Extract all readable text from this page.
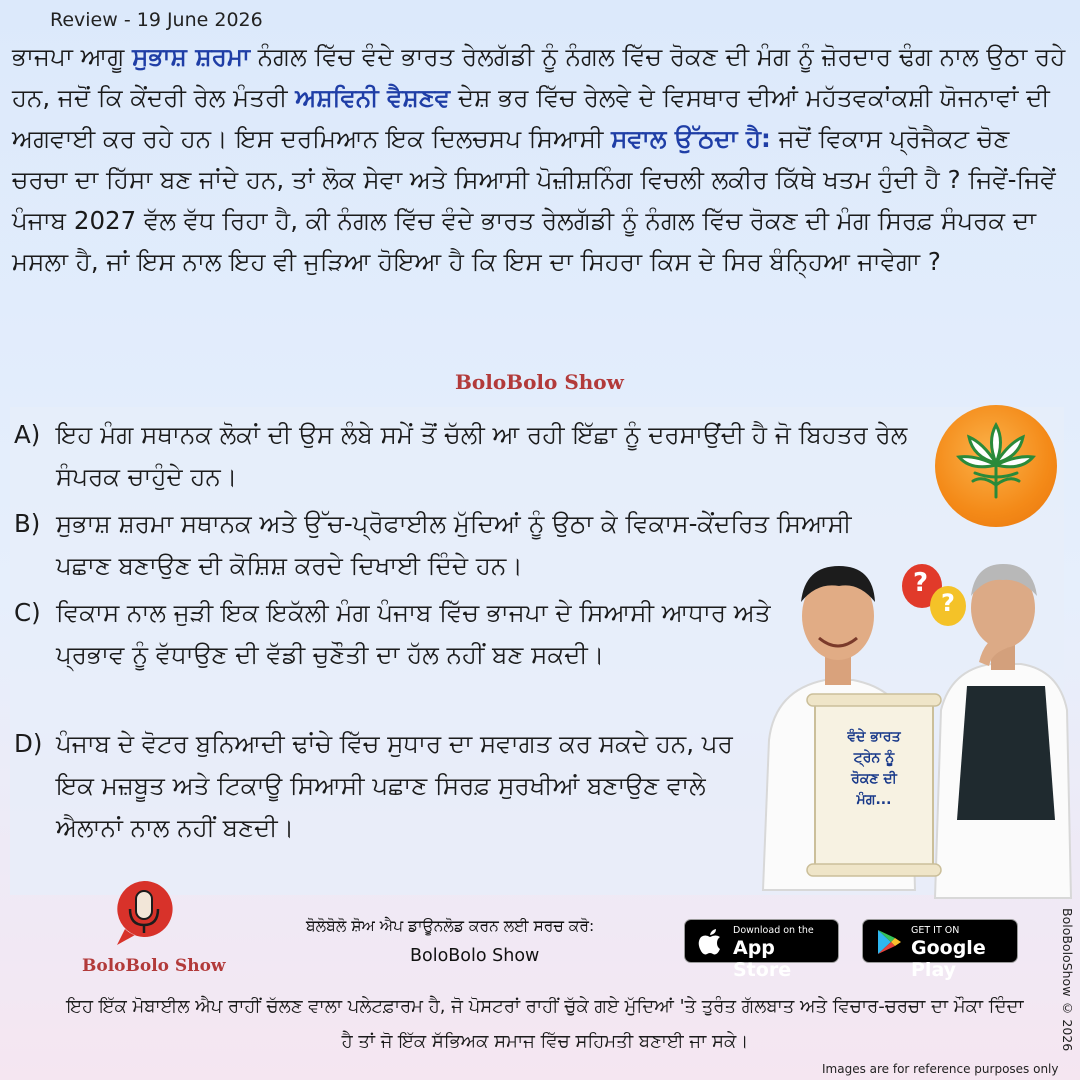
Review - 19 June 2026

ਭਾਜਪਾ ਆਗੂ ਸੁਭਾਸ਼ ਸ਼ਰਮਾ ਨੰਗਲ ਵਿੱਚ ਵੰਦੇ ਭਾਰਤ ਰੇਲਗੱਡੀ ਨੂੰ ਨੰਗਲ ਵਿੱਚ ਰੋਕਣ ਦੀ ਮੰਗ ਨੂੰ ਜ਼ੋਰਦਾਰ ਢੰਗ ਨਾਲ ਉਠਾ ਰਹੇ ਹਨ, ਜਦੋਂ ਕਿ ਕੇਂਦਰੀ ਰੇਲ ਮੰਤਰੀ ਅਸ਼ਵਿਨੀ ਵੈਸ਼ਣਵ ਦੇਸ਼ ਭਰ ਵਿੱਚ ਰੇਲਵੇ ਦੇ ਵਿਸਥਾਰ ਦੀਆਂ ਮਹੱਤਵਕਾਂਕਸ਼ੀ ਯੋਜਨਾਵਾਂ ਦੀ ਅਗਵਾਈ ਕਰ ਰਹੇ ਹਨ। ਇਸ ਦਰਮਿਆਨ ਇਕ ਦਿਲਚਸਪ ਸਿਆਸੀ ਸਵਾਲ ਉੱਠਦਾ ਹੈ: ਜਦੋਂ ਵਿਕਾਸ ਪ੍ਰੋਜੈਕਟ ਚੋਣ ਚਰਚਾ ਦਾ ਹਿੱਸਾ ਬਣ ਜਾਂਦੇ ਹਨ, ਤਾਂ ਲੋਕ ਸੇਵਾ ਅਤੇ ਸਿਆਸੀ ਪੋਜ਼ੀਸ਼ਨਿੰਗ ਵਿਚਲੀ ਲਕੀਰ ਕਿੱਥੇ ਖਤਮ ਹੁੰਦੀ ਹੈ ? ਜਿਵੇਂ-ਜਿਵੇਂ ਪੰਜਾਬ 2027 ਵੱਲ ਵੱਧ ਰਿਹਾ ਹੈ, ਕੀ ਨੰਗਲ ਵਿੱਚ ਵੰਦੇ ਭਾਰਤ ਰੇਲਗੱਡੀ ਨੂੰ ਨੰਗਲ ਵਿੱਚ ਰੋਕਣ ਦੀ ਮੰਗ ਸਿਰਫ਼ ਸੰਪਰਕ ਦਾ ਮਸਲਾ ਹੈ, ਜਾਂ ਇਸ ਨਾਲ ਇਹ ਵੀ ਜੁੜਿਆ ਹੋਇਆ ਹੈ ਕਿ ਇਸ ਦਾ ਸਿਹਰਾ ਕਿਸ ਦੇ ਸਿਰ ਬੰਨ੍ਹਿਆ ਜਾਵੇਗਾ ?

BoloBolo Show
A) ਇਹ ਮੰਗ ਸਥਾਨਕ ਲੋਕਾਂ ਦੀ ਉਸ ਲੰਬੇ ਸਮੇਂ ਤੋਂ ਚੱਲੀ ਆ ਰਹੀ ਇੱਛਾ ਨੂੰ ਦਰਸਾਉਂਦੀ ਹੈ ਜੋ ਬਿਹਤਰ ਰੇਲ ਸੰਪਰਕ ਚਾਹੁੰਦੇ ਹਨ।
B) ਸੁਭਾਸ਼ ਸ਼ਰਮਾ ਸਥਾਨਕ ਅਤੇ ਉੱਚ-ਪ੍ਰੋਫਾਈਲ ਮੁੱਦਿਆਂ ਨੂੰ ਉਠਾ ਕੇ ਵਿਕਾਸ-ਕੇਂਦਰਿਤ ਸਿਆਸੀ ਪਛਾਣ ਬਣਾਉਣ ਦੀ ਕੋਸ਼ਿਸ਼ ਕਰਦੇ ਦਿਖਾਈ ਦਿੰਦੇ ਹਨ।
C) ਵਿਕਾਸ ਨਾਲ ਜੁੜੀ ਇਕ ਇਕੱਲੀ ਮੰਗ ਪੰਜਾਬ ਵਿੱਚ ਭਾਜਪਾ ਦੇ ਸਿਆਸੀ ਆਧਾਰ ਅਤੇ ਪ੍ਰਭਾਵ ਨੂੰ ਵੱਧਾਉਣ ਦੀ ਵੱਡੀ ਚੁਣੌਤੀ ਦਾ ਹੱਲ ਨਹੀਂ ਬਣ ਸਕਦੀ।
D) ਪੰਜਾਬ ਦੇ ਵੋਟਰ ਬੁਨਿਆਦੀ ਢਾਂਚੇ ਵਿੱਚ ਸੁਧਾਰ ਦਾ ਸਵਾਗਤ ਕਰ ਸਕਦੇ ਹਨ, ਪਰ ਇਕ ਮਜ਼ਬੂਤ ਅਤੇ ਟਿਕਾਊ ਸਿਆਸੀ ਪਛਾਣ ਸਿਰਫ਼ ਸੁਰਖੀਆਂ ਬਣਾਉਣ ਵਾਲੇ ਐਲਾਨਾਂ ਨਾਲ ਨਹੀਂ ਬਣਦੀ।
?
?
ਵੰਦੇ ਭਾਰਤ
ਟ੍ਰੇਨ ਨੂੰ
ਰੋਕਣ ਦੀ
ਮੰਗ...
BoloBolo Show
ਬੋਲੋਬੋਲੋ ਸ਼ੋਅ ਐਪ ਡਾਊਨਲੋਡ ਕਰਨ ਲਈ ਸਰਚ ਕਰੋ:
BoloBolo Show
Download on the
App Store
GET IT ON
Google Play

ਇਹ ਇੱਕ ਮੋਬਾਈਲ ਐਪ ਰਾਹੀਂ ਚੱਲਣ ਵਾਲਾ ਪਲੇਟਫ਼ਾਰਮ ਹੈ, ਜੋ ਪੋਸਟਰਾਂ ਰਾਹੀਂ ਚੁੱਕੇ ਗਏ ਮੁੱਦਿਆਂ 'ਤੇ ਤੁਰੰਤ ਗੱਲਬਾਤ ਅਤੇ ਵਿਚਾਰ-ਚਰਚਾ ਦਾ ਮੌਕਾ ਦਿੰਦਾ ਹੈ ਤਾਂ ਜੋ ਇੱਕ ਸੱਭਿਅਕ ਸਮਾਜ ਵਿੱਚ ਸਹਿਮਤੀ ਬਣਾਈ ਜਾ ਸਕੇ।	BoloBoloShow © 2026
Images are for reference purposes only
